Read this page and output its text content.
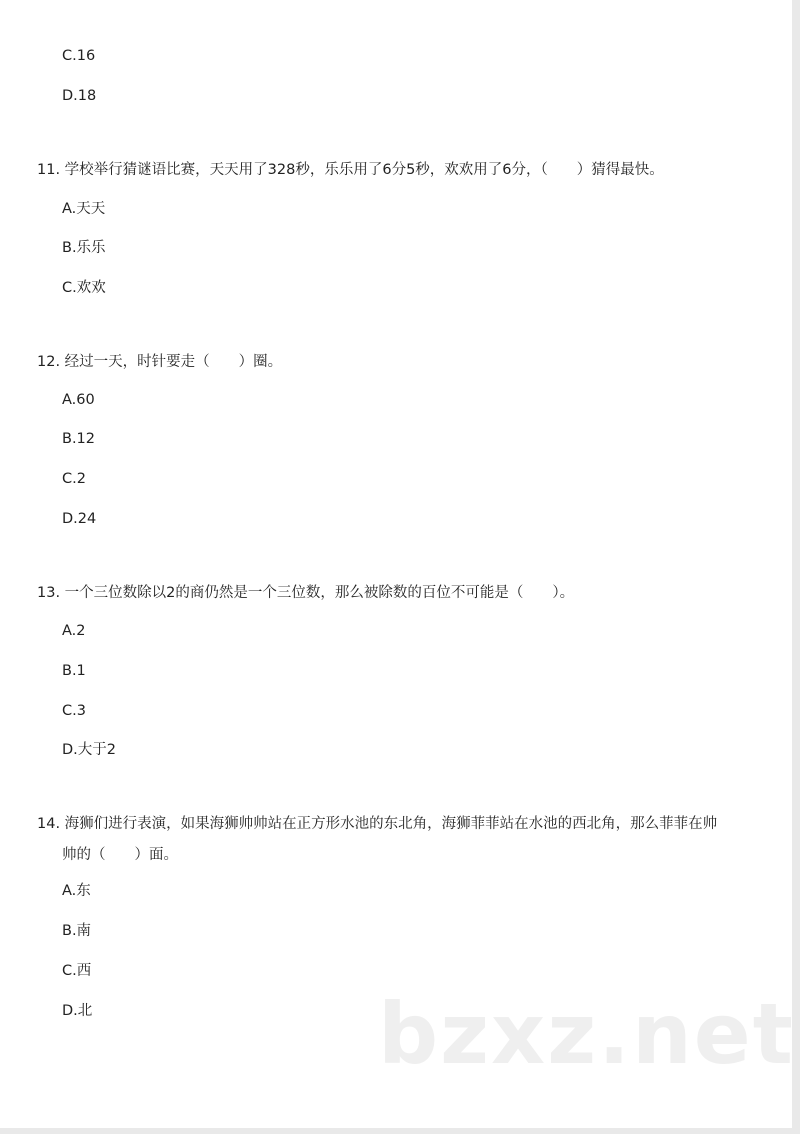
C.16
D.18
11. 学校举行猜谜语比赛，天天用了328秒，乐乐用了6分5秒，欢欢用了6分，（　　）猜得最快。
A.天天
B.乐乐
C.欢欢
12. 经过一天，时针要走（　　）圈。
A.60
B.12
C.2
D.24
13. 一个三位数除以2的商仍然是一个三位数，那么被除数的百位不可能是（　　）。
A.2
B.1
C.3
D.大于2
14. 海狮们进行表演，如果海狮帅帅站在正方形水池的东北角，海狮菲菲站在水池的西北角，那么菲菲在帅
帅的（　　）面。
A.东
B.南
C.西
D.北	bzxz.net
